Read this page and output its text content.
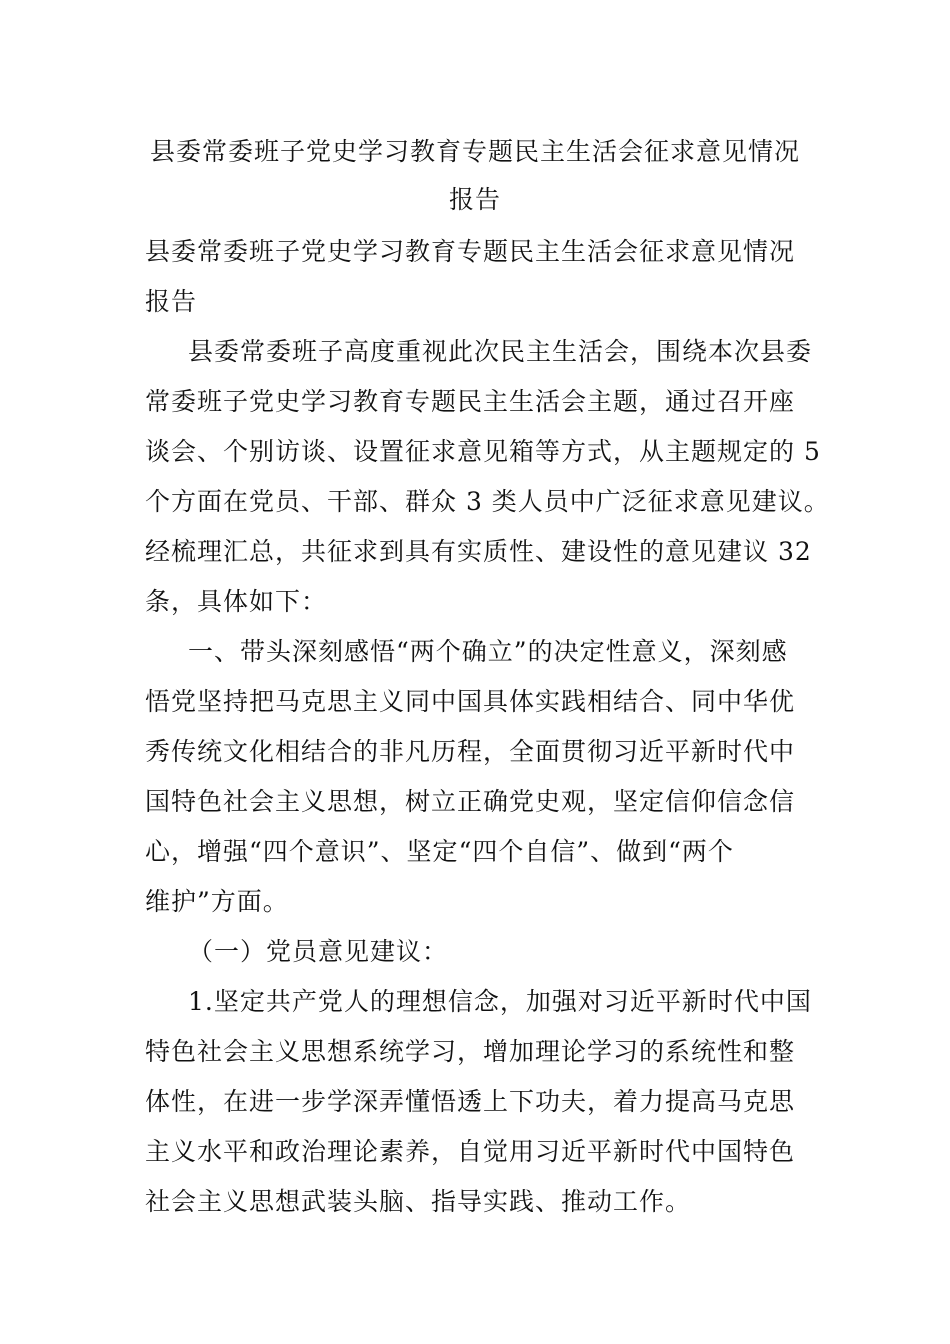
县委常委班子党史学习教育专题民主生活会征求意见情况
报告
县委常委班子党史学习教育专题民主生活会征求意见情况
报告
县委常委班子高度重视此次民主生活会，围绕本次县委
常委班子党史学习教育专题民主生活会主题，通过召开座
谈会、个别访谈、设置征求意见箱等方式，从主题规定的 5
个方面在党员、干部、群众 3 类人员中广泛征求意见建议。
经梳理汇总，共征求到具有实质性、建设性的意见建议 32
条，具体如下：
一、带头深刻感悟“两个确立”的决定性意义，深刻感
悟党坚持把马克思主义同中国具体实践相结合、同中华优
秀传统文化相结合的非凡历程，全面贯彻习近平新时代中
国特色社会主义思想，树立正确党史观，坚定信仰信念信
心，增强“四个意识”、坚定“四个自信”、做到“两个
维护”方面。
（一）党员意见建议：
1.坚定共产党人的理想信念，加强对习近平新时代中国
特色社会主义思想系统学习，增加理论学习的系统性和整
体性，在进一步学深弄懂悟透上下功夫，着力提高马克思
主义水平和政治理论素养，自觉用习近平新时代中国特色
社会主义思想武装头脑、指导实践、推动工作。
